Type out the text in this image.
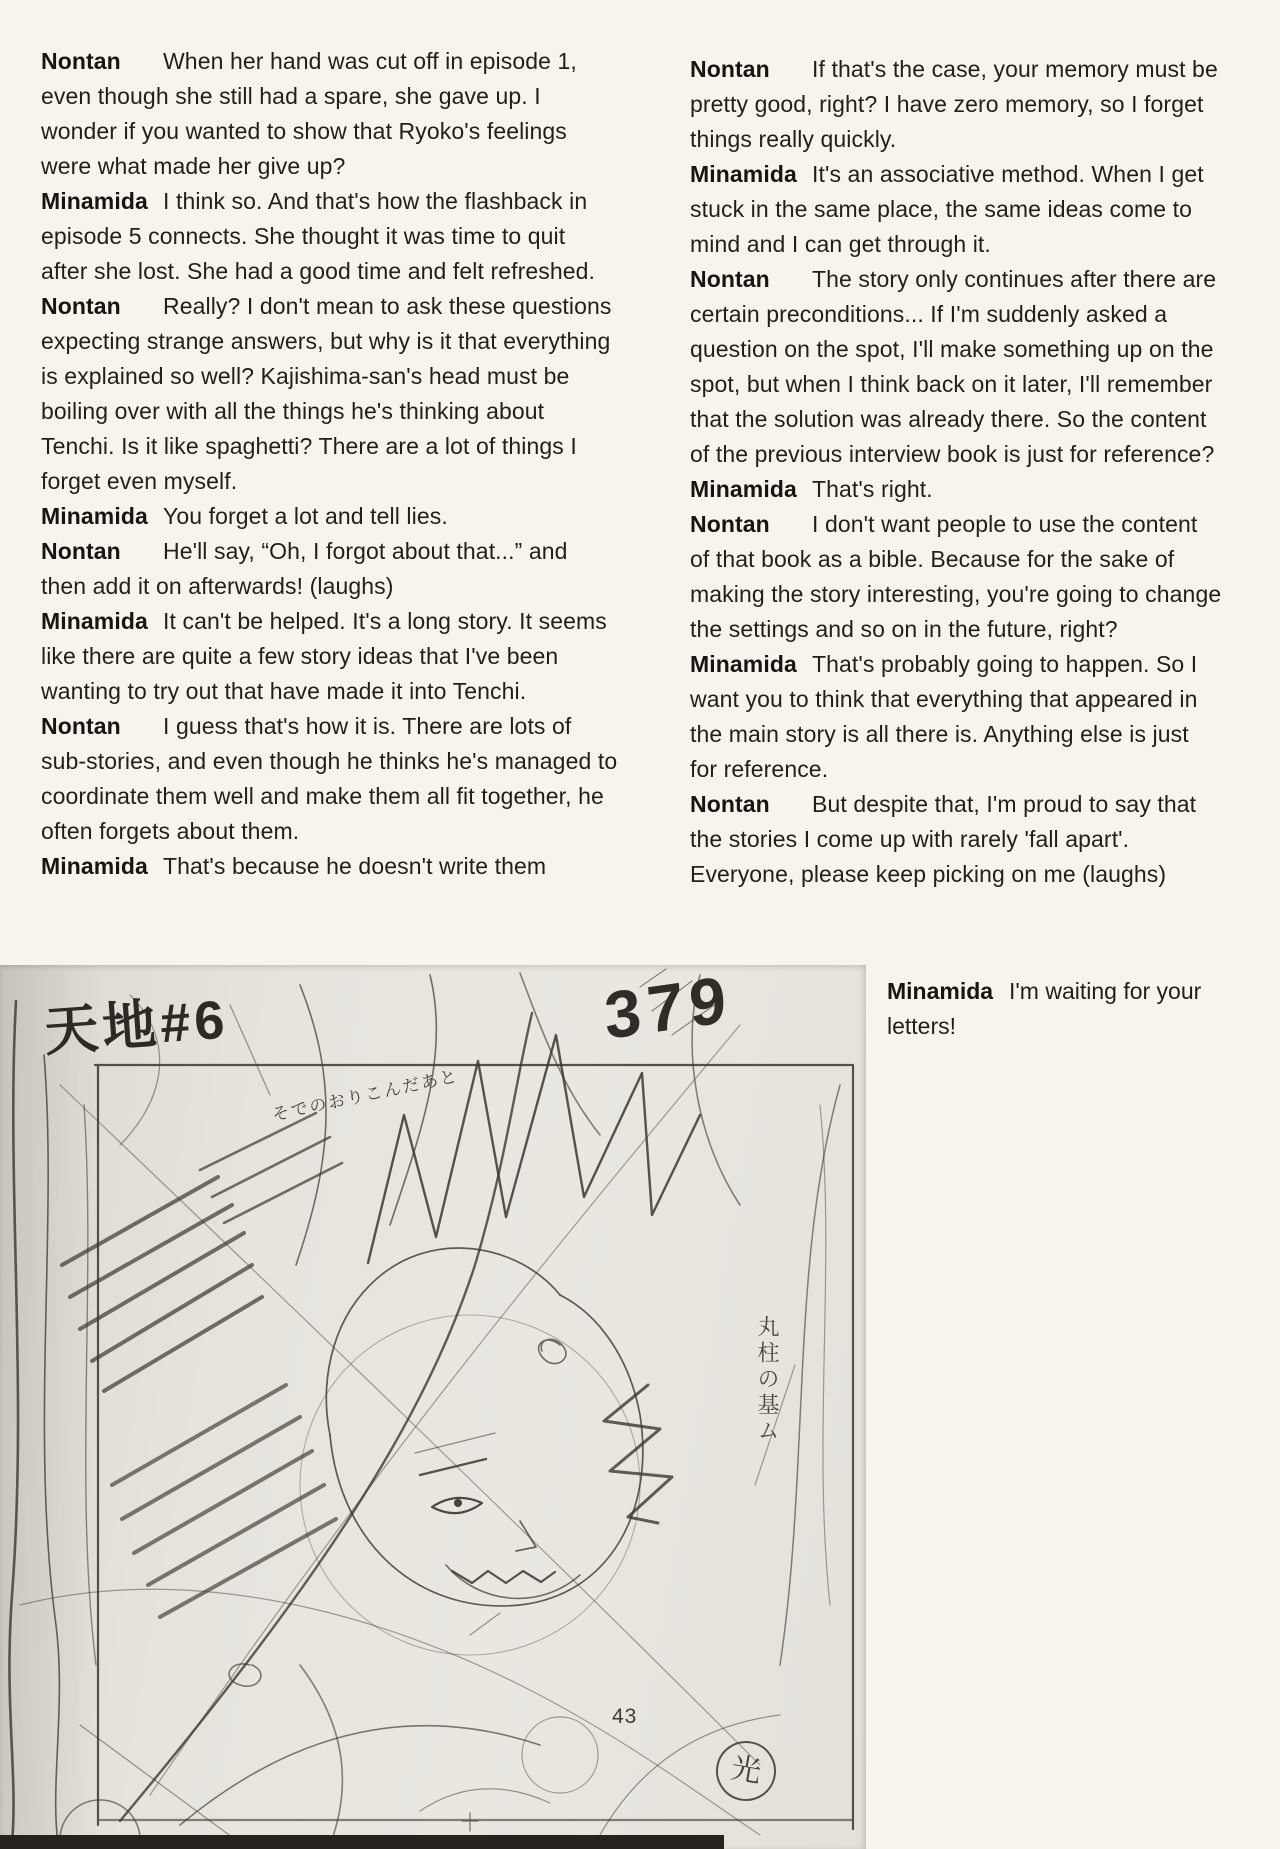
Nontan When her hand was cut off in episode 1, even though she still had a spare, she gave up. I wonder if you wanted to show that Ryoko's feelings were what made her give up?

Minamida I think so. And that's how the flashback in episode 5 connects. She thought it was time to quit after she lost. She had a good time and felt refreshed.

Nontan Really? I don't mean to ask these questions expecting strange answers, but why is it that everything is explained so well? Kajishima-san's head must be boiling over with all the things he's thinking about Tenchi. Is it like spaghetti? There are a lot of things I forget even myself.

Minamida You forget a lot and tell lies.

Nontan He'll say, “Oh, I forgot about that...” and then add it on afterwards! (laughs)

Minamida It can't be helped. It's a long story. It seems like there are quite a few story ideas that I've been wanting to try out that have made it into Tenchi.

Nontan I guess that's how it is. There are lots of sub-stories, and even though he thinks he's managed to coordinate them well and make them all fit together, he often forgets about them.

Minamida That's because he doesn't write them

Nontan If that's the case, your memory must be pretty good, right? I have zero memory, so I forget things really quickly.

Minamida It's an associative method. When I get stuck in the same place, the same ideas come to mind and I can get through it.

Nontan The story only continues after there are certain preconditions... If I'm suddenly asked a question on the spot, I'll make something up on the spot, but when I think back on it later, I'll remember that the solution was already there. So the content of the previous interview book is just for reference?

Minamida That's right.

Nontan I don't want people to use the content of that book as a bible. Because for the sake of making the story interesting, you're going to change the settings and so on in the future, right?

Minamida That's probably going to happen. So I want you to think that everything that appeared in the main story is all there is. Anything else is just for reference.

Nontan But despite that, I'm proud to say that the stories I come up with rarely 'fall apart'. Everyone, please keep picking on me (laughs)

Minamida I'm waiting for your letters!
天地#6	379
そでのおりこんだあと
丸柱の基ム
43
光
